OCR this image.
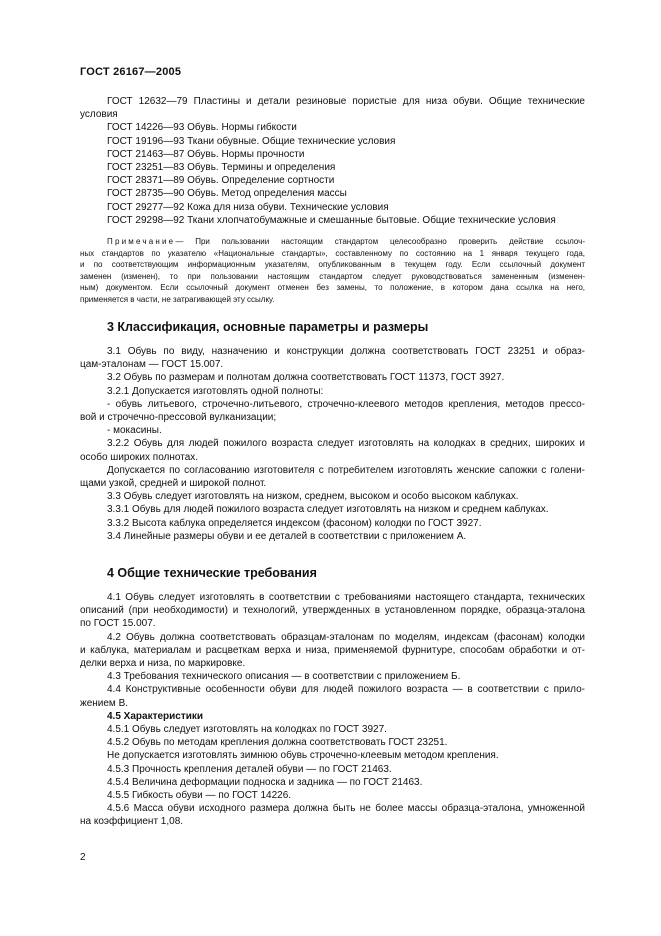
ГОСТ 26167—2005
ГОСТ 12632—79 Пластины и детали резиновые пористые для низа обуви. Общие технические
условия
ГОСТ 14226—93 Обувь. Нормы гибкости
ГОСТ 19196—93 Ткани обувные. Общие технические условия
ГОСТ 21463—87 Обувь. Нормы прочности
ГОСТ 23251—83 Обувь. Термины и определения
ГОСТ 28371—89 Обувь. Определение сортности
ГОСТ 28735—90 Обувь. Метод определения массы
ГОСТ 29277—92 Кожа для низа обуви. Технические условия
ГОСТ 29298—92 Ткани хлопчатобумажные и смешанные бытовые. Общие технические условия
Примечание— При пользовании настоящим стандартом целесообразно проверить действие ссылоч-
ных стандартов по указателю «Национальные стандарты», составленному по состоянию на 1 января текущего года,
и по соответствующим информационным указателям, опубликованным в текущем году. Если ссылочный документ
заменен (изменен), то при пользовании настоящим стандартом следует руководствоваться замененным (изменен-
ным) документом. Если ссылочный документ отменен без замены, то положение, в котором дана ссылка на него,
применяется в части, не затрагивающей эту ссылку.
3 Классификация, основные параметры и размеры
3.1 Обувь по виду, назначению и конструкции должна соответствовать ГОСТ 23251 и образ-
цам-эталонам — ГОСТ 15.007.
3.2 Обувь по размерам и полнотам должна соответствовать ГОСТ 11373, ГОСТ 3927.
3.2.1 Допускается изготовлять одной полноты:
- обувь литьевого, строчечно-литьевого, строчечно-клеевого методов крепления, методов прессо-
вой и строчечно-прессовой вулканизации;
- мокасины.
3.2.2 Обувь для людей пожилого возраста следует изготовлять на колодках в средних, широких и
особо широких полнотах.
Допускается по согласованию изготовителя с потребителем изготовлять женские сапожки с голени-
щами узкой, средней и широкой полнот.
3.3 Обувь следует изготовлять на низком, среднем, высоком и особо высоком каблуках.
3.3.1 Обувь для людей пожилого возраста следует изготовлять на низком и среднем каблуках.
3.3.2 Высота каблука определяется индексом (фасоном) колодки по ГОСТ 3927.
3.4 Линейные размеры обуви и ее деталей в соответствии с приложением А.
4 Общие технические требования
4.1 Обувь следует изготовлять в соответствии с требованиями настоящего стандарта, технических
описаний (при необходимости) и технологий, утвержденных в установленном порядке, образца-эталона
по ГОСТ 15.007.
4.2 Обувь должна соответствовать образцам-эталонам по моделям, индексам (фасонам) колодки
и каблука, материалам и расцветкам верха и низа, применяемой фурнитуре, способам обработки и от-
делки верха и низа, по маркировке.
4.3 Требования технического описания — в соответствии с приложением Б.
4.4 Конструктивные особенности обуви для людей пожилого возраста — в соответствии с прило-
жением В.
4.5 Характеристики
4.5.1 Обувь следует изготовлять на колодках по ГОСТ 3927.
4.5.2 Обувь по методам крепления должна соответствовать ГОСТ 23251.
Не допускается изготовлять зимнюю обувь строчечно-клеевым методом крепления.
4.5.3 Прочность крепления деталей обуви — по ГОСТ 21463.
4.5.4 Величина деформации подноска и задника — по ГОСТ 21463.
4.5.5 Гибкость обуви — по ГОСТ 14226.
4.5.6 Масса обуви исходного размера должна быть не более массы образца-эталона, умноженной
на коэффициент 1,08.
2
